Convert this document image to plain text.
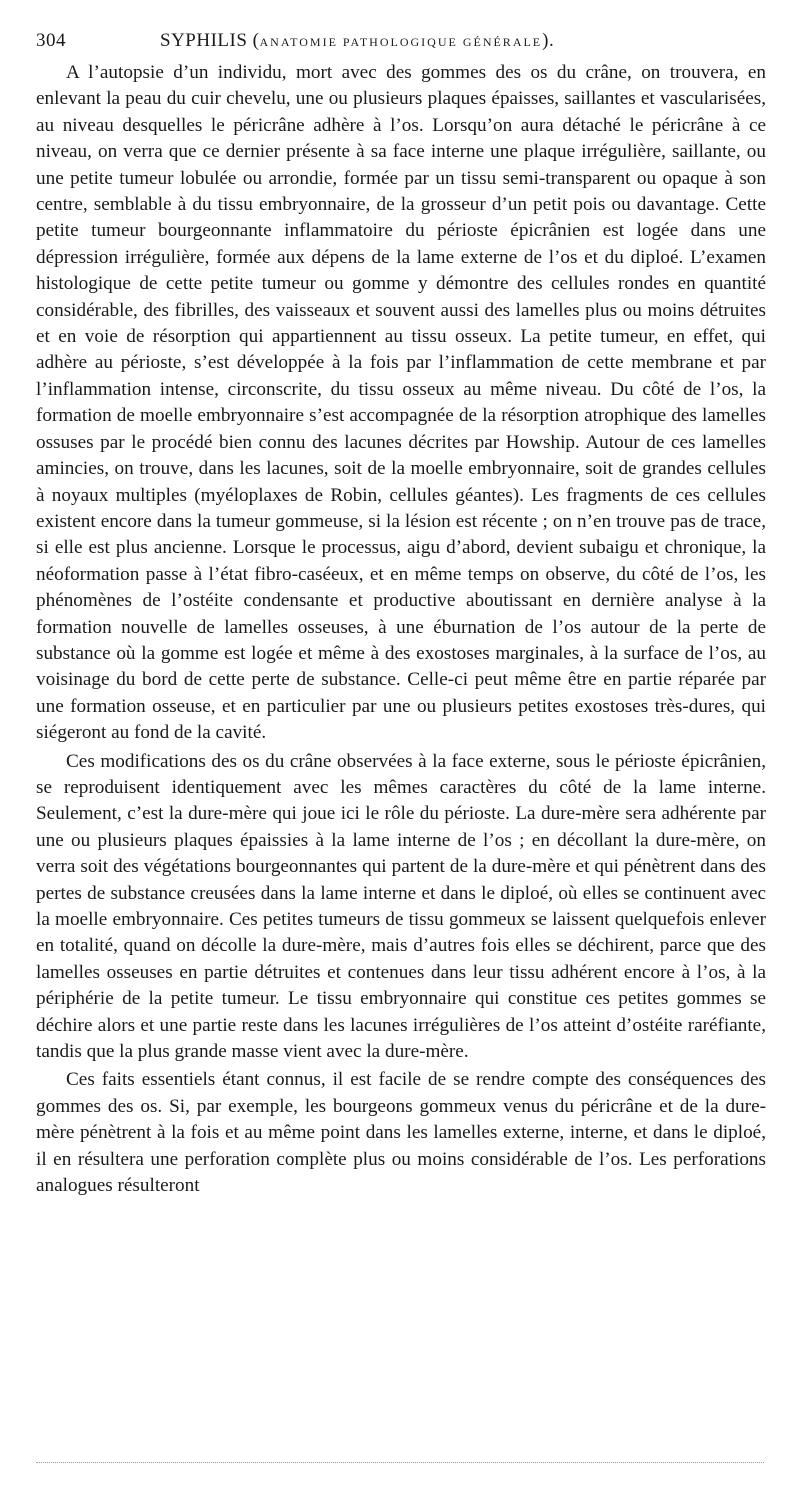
304	SYPHILIS (ANATOMIE PATHOLOGIQUE GÉNÉRALE).

A l’autopsie d’un individu, mort avec des gommes des os du crâne, on trouvera, en enlevant la peau du cuir chevelu, une ou plusieurs plaques épaisses, saillantes et vascularisées, au niveau desquelles le péricrâne adhère à l’os. Lorsqu’on aura détaché le péricrâne à ce niveau, on verra que ce dernier présente à sa face interne une plaque irrégulière, saillante, ou une petite tumeur lobulée ou arrondie, formée par un tissu semi-transparent ou opaque à son centre, semblable à du tissu embryonnaire, de la grosseur d’un petit pois ou davantage. Cette petite tumeur bourgeonnante inflammatoire du périoste épicrânien est logée dans une dépression irrégulière, formée aux dépens de la lame externe de l’os et du diploé. L’examen histologique de cette petite tumeur ou gomme y démontre des cellules rondes en quantité considérable, des fibrilles, des vaisseaux et souvent aussi des lamelles plus ou moins détruites et en voie de résorption qui appartiennent au tissu osseux. La petite tumeur, en effet, qui adhère au périoste, s’est développée à la fois par l’inflammation de cette membrane et par l’inflammation intense, circonscrite, du tissu osseux au même niveau. Du côté de l’os, la formation de moelle embryonnaire s’est accompagnée de la résorption atrophique des lamelles ossuses par le procédé bien connu des lacunes décrites par Howship. Autour de ces lamelles amincies, on trouve, dans les lacunes, soit de la moelle embryonnaire, soit de grandes cellules à noyaux multiples (myéloplaxes de Robin, cellules géantes). Les fragments de ces cellules existent encore dans la tumeur gommeuse, si la lésion est récente ; on n’en trouve pas de trace, si elle est plus ancienne. Lorsque le processus, aigu d’abord, devient subaigu et chronique, la néoformation passe à l’état fibro-caséeux, et en même temps on observe, du côté de l’os, les phénomènes de l’ostéite condensante et productive aboutissant en dernière analyse à la formation nouvelle de lamelles osseuses, à une éburnation de l’os autour de la perte de substance où la gomme est logée et même à des exostoses marginales, à la surface de l’os, au voisinage du bord de cette perte de substance. Celle-ci peut même être en partie réparée par une formation osseuse, et en particulier par une ou plusieurs petites exostoses très-dures, qui siégeront au fond de la cavité.

Ces modifications des os du crâne observées à la face externe, sous le périoste épicrânien, se reproduisent identiquement avec les mêmes caractères du côté de la lame interne. Seulement, c’est la dure-mère qui joue ici le rôle du périoste. La dure-mère sera adhérente par une ou plusieurs plaques épaissies à la lame interne de l’os ; en décollant la dure-mère, on verra soit des végétations bourgeonnantes qui partent de la dure-mère et qui pénètrent dans des pertes de substance creusées dans la lame interne et dans le diploé, où elles se continuent avec la moelle embryonnaire. Ces petites tumeurs de tissu gommeux se laissent quelquefois enlever en totalité, quand on décolle la dure-mère, mais d’autres fois elles se déchirent, parce que des lamelles osseuses en partie détruites et contenues dans leur tissu adhérent encore à l’os, à la périphérie de la petite tumeur. Le tissu embryonnaire qui constitue ces petites gommes se déchire alors et une partie reste dans les lacunes irrégulières de l’os atteint d’ostéite raréfiante, tandis que la plus grande masse vient avec la dure-mère.

Ces faits essentiels étant connus, il est facile de se rendre compte des conséquences des gommes des os. Si, par exemple, les bourgeons gommeux venus du péricrâne et de la dure-mère pénètrent à la fois et au même point dans les lamelles externe, interne, et dans le diploé, il en résultera une perforation complète plus ou moins considérable de l’os. Les perforations analogues résulteront
